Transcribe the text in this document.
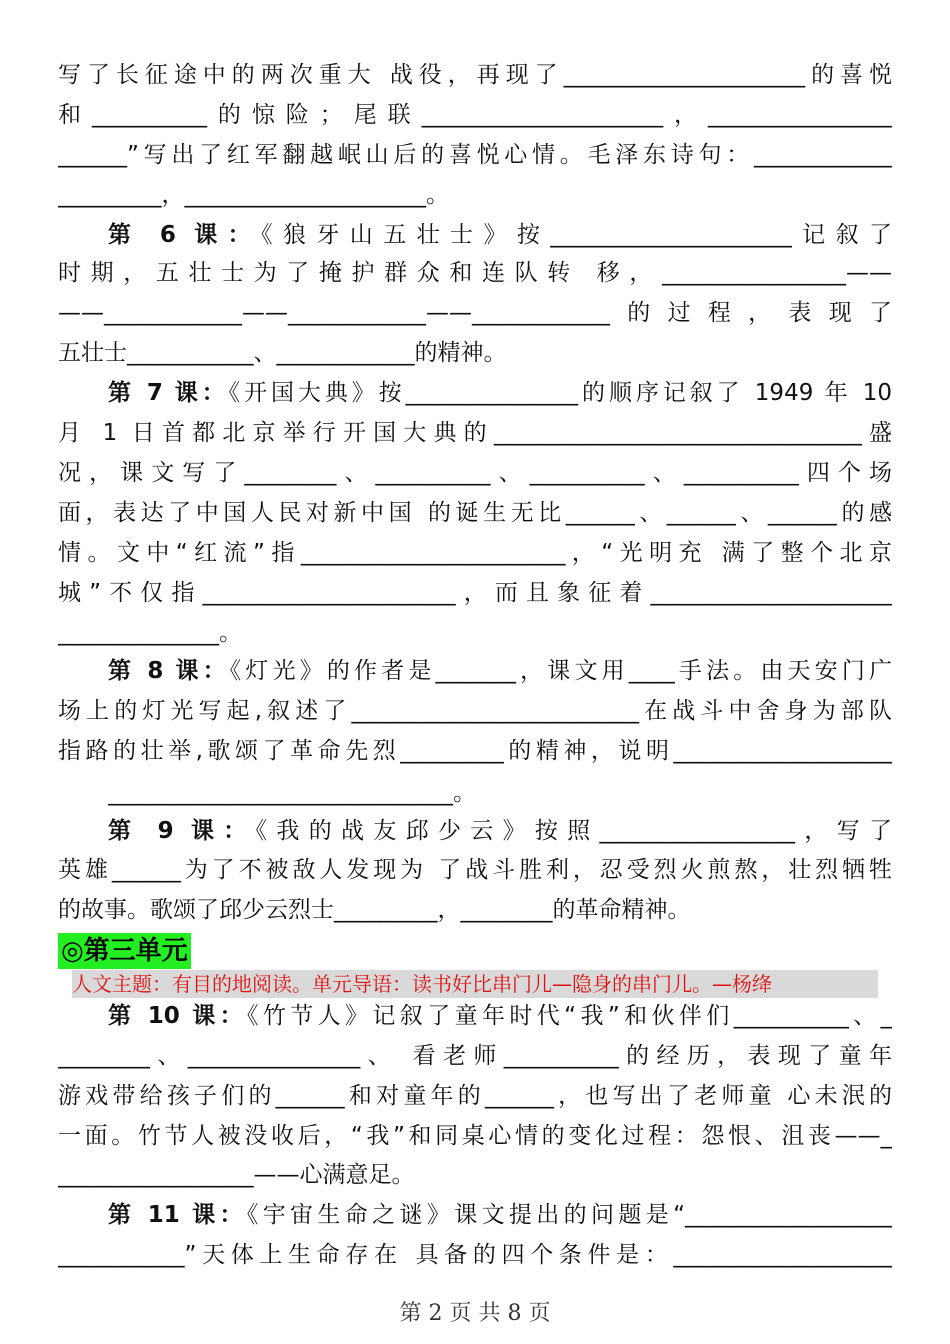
写了长征途中的两次重大 战役，再现了_____________________的喜悦
和__________的惊险；尾联_____________________，________________
______”写出了红军翻越岷山后的喜悦心情。毛泽东诗句：____________
_________，_____________________。
第 6 课：《狼牙山五壮士》按_____________________记叙了
时期，五壮士为了掩护群众和连队转 移，________________——
——____________——____________——____________的过程，表现了
五壮士___________、____________的精神。
第 7 课：《开国大典》按_______________的顺序记叙了 1949 年 10
月 1 日首都北京举行开国大典的________________________________盛
况，课文写了________、__________、__________、__________四个场
面，表达了中国人民对新中国 的诞生无比______、______、______的感
情。文中“红流”指_______________________，“光明充 满了整个北京
城”不仅指______________________，而且象征着_____________________
______________。
第 8 课：《灯光》的作者是_______，课文用____手法。由天安门广
场上的灯光写起,叙述了_________________________在战斗中舍身为部队
指路的壮举,歌颂了革命先烈_________的精神，说明___________________
______________________________。
第 9 课：《我的战友邱少云》按照_________________，写了
英雄______为了不被敌人发现为 了战斗胜利，忍受烈火煎熬，壮烈牺牲
的故事。歌颂了邱少云烈士_________，________的革命精神。
第 10 课：《竹节人》记叙了童年时代“我”和伙伴们__________、_
________、_______________、 看老师__________的经历，表现了童年
游戏带给孩子们的______和对童年的______，也写出了老师童 心未泯的
一面。竹节人被没收后，“我”和同桌心情的变化过程：怨恨、沮丧——_
_________________——心满意足。
第 11 课：《宇宙生命之谜》课文提出的问题是“__________________
___________”天体上生命存在 具备的四个条件是：___________________
◎第三单元
人文主题：有目的地阅读。单元导语：读书好比串门儿—隐身的串门儿。—杨绛
第 2 页 共 8 页
